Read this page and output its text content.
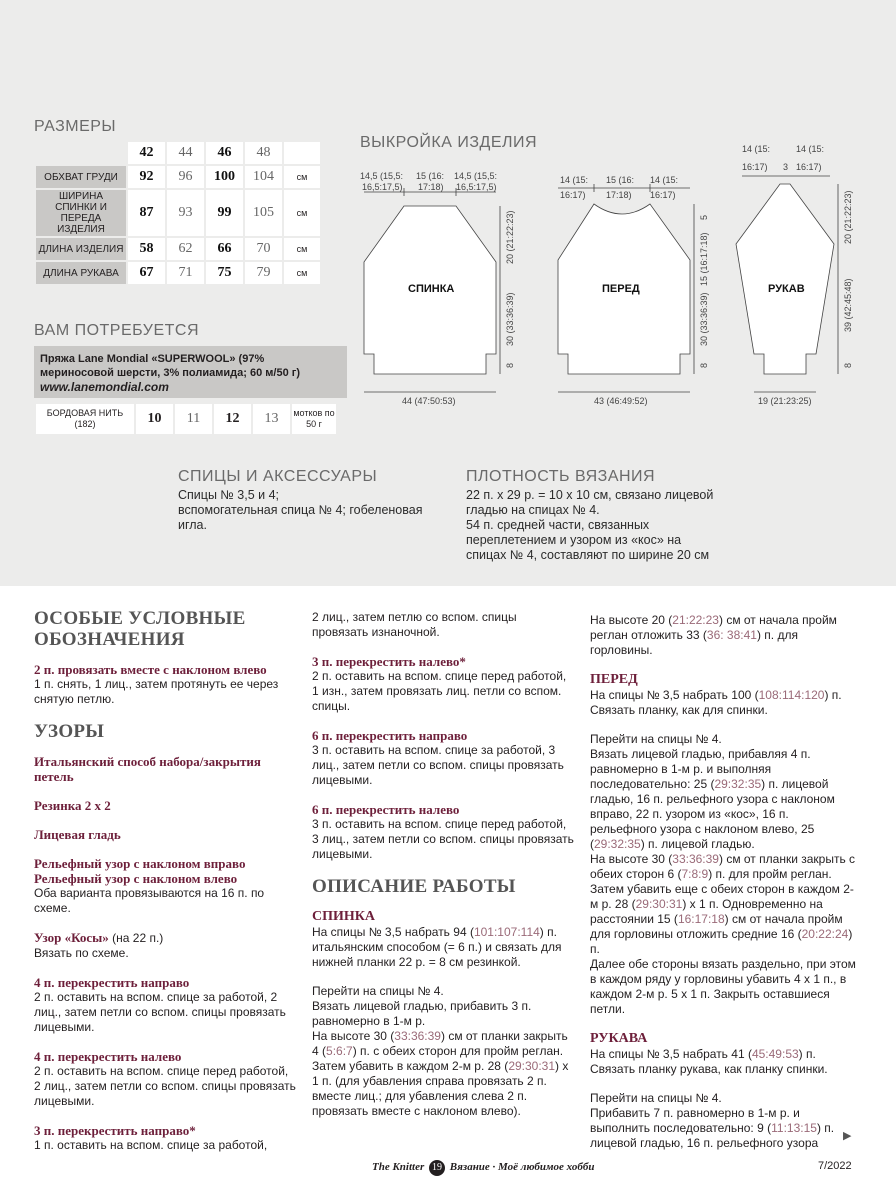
РАЗМЕРЫ
	42	44	46	48	
ОБХВАТ ГРУДИ	92	96	100	104	см
ШИРИНА СПИНКИ И ПЕРЕДА ИЗДЕЛИЯ	87	93	99	105	см
ДЛИНА ИЗДЕЛИЯ	58	62	66	70	см
ДЛИНА РУКАВА	67	71	75	79	см
ВАМ ПОТРЕБУЕТСЯ
Пряжа Lane Mondial «SUPERWOOL» (97% мериносовой шерсти, 3% полиамида; 60 м/50 г)
www.lanemondial.com
БОРДОВАЯ НИТЬ (182)	10	11	12	13	мотков по 50 г
ВЫКРОЙКА ИЗДЕЛИЯ
СПИНКА	ПЕРЕД	РУКАВ
14,5 (15,5:
16,5:17,5)
15 (16:
17:18)
14,5 (15,5:
16,5:17,5)
20 (21:22:23)
30 (33:36:39)
8
44 (47:50:53)
14 (15:
16:17)
15 (16:
17:18)
14 (15:
16:17)
5
15 (16:17:18)
30 (33:36:39)
8
43 (46:49:52)
14 (15:
16:17) 3
14 (15:
16:17)
20 (21:22:23)
39 (42:45:48)
8
19 (21:23:25)
СПИЦЫ И АКСЕССУАРЫ
Спицы № 3,5 и 4;
вспомогательная спица № 4; гобеленовая
игла.
ПЛОТНОСТЬ ВЯЗАНИЯ
22 п. х 29 р. = 10 х 10 см, связано лицевой
гладью на спицах № 4.
54 п. средней части, связанных
переплетением и узором из «кос» на
спицах № 4, составляют по ширине 20 см
ОСОБЫЕ УСЛОВНЫЕ ОБОЗНАЧЕНИЯ

2 п. провязать вместе с наклоном влево
1 п. снять, 1 лиц., затем протянуть ее через снятую петлю.

УЗОРЫ

Итальянский способ набора/закрытия петель

Резинка 2 х 2

Лицевая гладь

Рельефный узор с наклоном вправо
Рельефный узор с наклоном влево
Оба варианта провязываются на 16 п. по схеме.

Узор «Косы» (на 22 п.)
Вязать по схеме.

4 п. перекрестить направо
2 п. оставить на вспом. спице за работой, 2 лиц., затем петли со вспом. спицы провязать лицевыми.

4 п. перекрестить налево
2 п. оставить на вспом. спице перед работой, 2 лиц., затем петли со вспом. спицы провязать лицевыми.

3 п. перекрестить направо*
1 п. оставить на вспом. спице за работой,

2 лиц., затем петлю со вспом. спицы провязать изнаночной.

3 п. перекрестить налево*
2 п. оставить на вспом. спице перед работой, 1 изн., затем провязать лиц. петли со вспом. спицы.

6 п. перекрестить направо
3 п. оставить на вспом. спице за работой, 3 лиц., затем петли со вспом. спицы провязать лицевыми.

6 п. перекрестить налево
3 п. оставить на вспом. спице перед работой, 3 лиц., затем петли со вспом. спицы провязать лицевыми.

ОПИСАНИЕ РАБОТЫ
СПИНКА

На спицы № 3,5 набрать 94 (101:107:114) п. итальянским способом (= 6 п.) и связать для нижней планки 22 р. = 8 см резинкой.

Перейти на спицы № 4.

Вязать лицевой гладью, прибавить 3 п. равномерно в 1-м р.

На высоте 30 (33:36:39) см от планки закрыть 4 (5:6:7) п. с обеих сторон для пройм реглан. Затем убавить в каждом 2-м р. 28 (29:30:31) х 1 п. (для убавления справа провязать 2 п. вместе лиц.; для убавления слева 2 п. провязать вместе с наклоном влево).

На высоте 20 (21:22:23) см от начала пройм реглан отложить 33 (36: 38:41) п. для горловины.

ПЕРЕД

На спицы № 3,5 набрать 100 (108:114:120) п. Связать планку, как для спинки.

Перейти на спицы № 4.

Вязать лицевой гладью, прибавляя 4 п. равномерно в 1-м р. и выполняя последовательно: 25 (29:32:35) п. лицевой гладью, 16 п. рельефного узора с наклоном вправо, 22 п. узором из «кос», 16 п. рельефного узора с наклоном влево, 25 (29:32:35) п. лицевой гладью.

На высоте 30 (33:36:39) см от планки закрыть с обеих сторон 6 (7:8:9) п. для пройм реглан. Затем убавить еще с обеих сторон в каждом 2-м р. 28 (29:30:31) х 1 п. Одновременно на расстоянии 15 (16:17:18) см от начала пройм для горловины отложить средние 16 (20:22:24) п.

Далее обе стороны вязать раздельно, при этом в каждом ряду у горловины убавить 4 х 1 п., в каждом 2-м р. 5 х 1 п. Закрыть оставшиеся петли.

РУКАВА

На спицы № 3,5 набрать 41 (45:49:53) п. Связать планку рукава, как планку спинки.

Перейти на спицы № 4.

Прибавить 7 п. равномерно в 1-м р. и выполнить последовательно: 9 (11:13:15) п. лицевой гладью, 16 п. рельефного узора	▶
The Knitter 19 Вязание · Моё любимое хобби	7/2022
